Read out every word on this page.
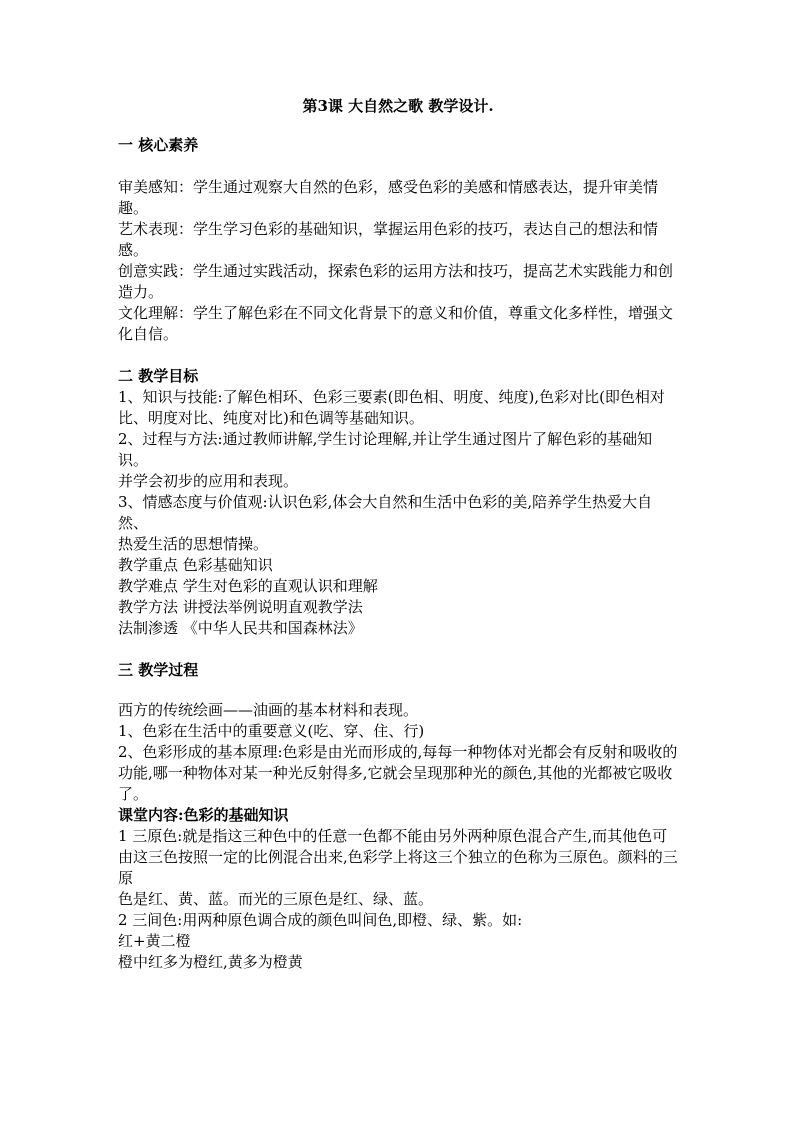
第3课 大自然之歌 教学设计.
一 核心素养
审美感知：学生通过观察大自然的色彩，感受色彩的美感和情感表达，提升审美情趣。
艺术表现：学生学习色彩的基础知识，掌握运用色彩的技巧，表达自己的想法和情感。
创意实践：学生通过实践活动，探索色彩的运用方法和技巧，提高艺术实践能力和创造力。
文化理解：学生了解色彩在不同文化背景下的意义和价值，尊重文化多样性，增强文化自信。
二 教学目标
1、知识与技能:了解色相环、色彩三要素(即色相、明度、纯度),色彩对比(即色相对
比、明度对比、纯度对比)和色调等基础知识。
2、过程与方法:通过教师讲解,学生讨论理解,并让学生通过图片了解色彩的基础知识。
并学会初步的应用和表现。
3、情感态度与价值观:认识色彩,体会大自然和生活中色彩的美,陪养学生热爱大自然、
热爱生活的思想情操。
教学重点 色彩基础知识
教学难点 学生对色彩的直观认识和理解
教学方法 讲授法举例说明直观教学法
法制渗透 《中华人民共和国森林法》
三 教学过程
西方的传统绘画——油画的基本材料和表现。
1、色彩在生活中的重要意义(吃、穿、住、行)
2、色彩形成的基本原理:色彩是由光而形成的,每每一种物体对光都会有反射和吸收的功能,哪一种物体对某一种光反射得多,它就会呈现那种光的颜色,其他的光都被它吸收了。
课堂内容:色彩的基础知识
1 三原色:就是指这三种色中的任意一色都不能由另外两种原色混合产生,而其他色可
由这三色按照一定的比例混合出来,色彩学上将这三个独立的色称为三原色。颜料的三原
色是红、黄、蓝。而光的三原色是红、绿、蓝。
2 三间色:用两种原色调合成的颜色叫间色,即橙、绿、紫。如:
红+黄二橙
橙中红多为橙红,黄多为橙黄
